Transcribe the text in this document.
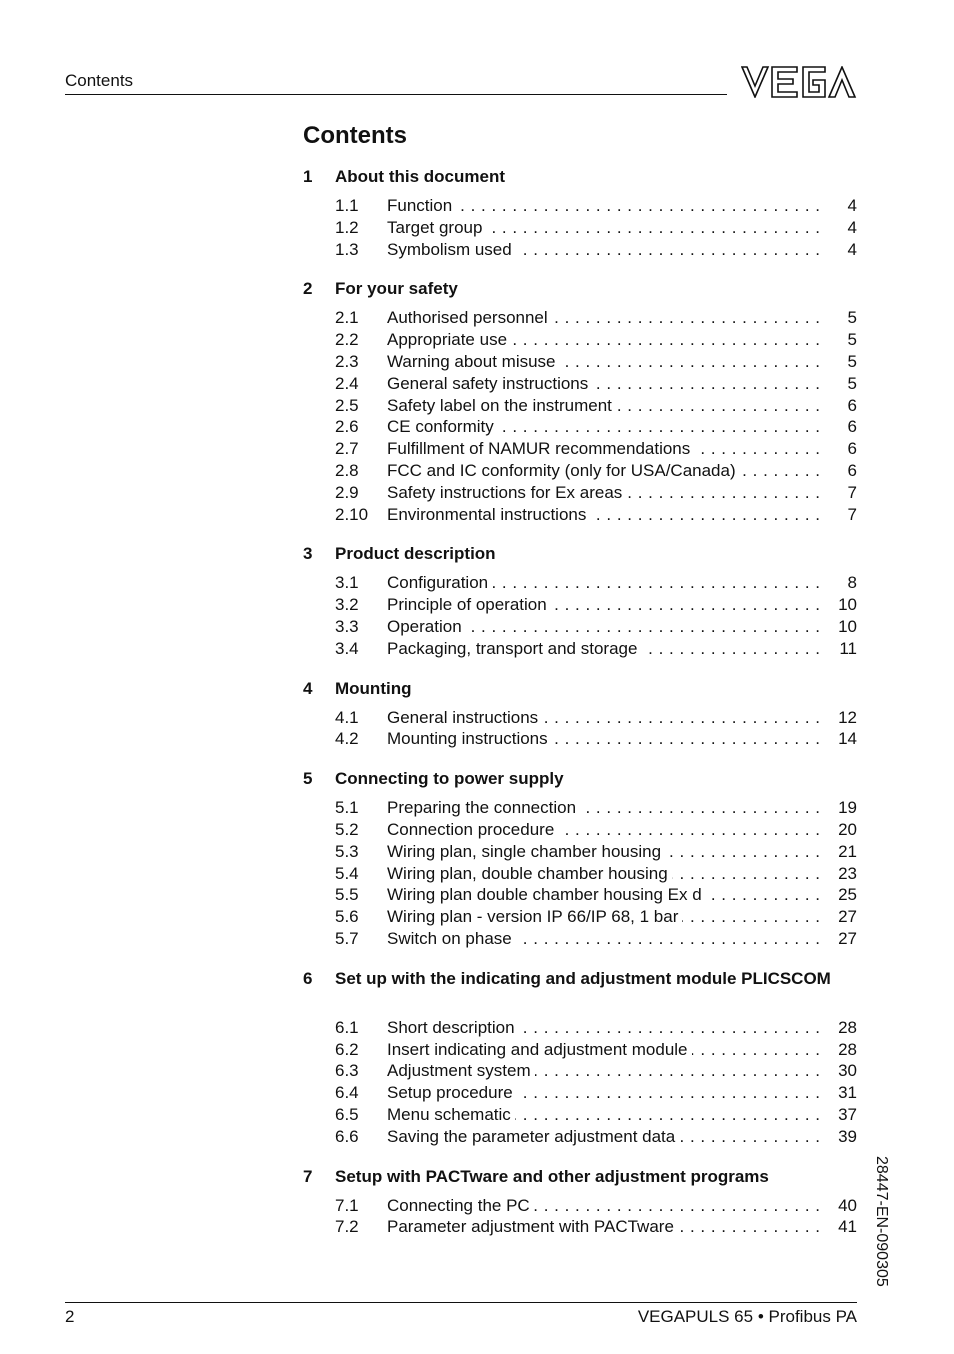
Contents
Contents
1	About this document
1.1	Function . . .	4
1.2	Target group . . .	4
1.3	Symbolism used . . .	4
2	For your safety
2.1	Authorised personnel . . .	5
2.2	Appropriate use . . .	5
2.3	Warning about misuse . . .	5
2.4	General safety instructions . . .	5
2.5	Safety label on the instrument . . .	6
2.6	CE conformity . . .	6
2.7	Fulfillment of NAMUR recommendations . . .	6
2.8	FCC and IC conformity (only for USA/Canada) . . .	6
2.9	Safety instructions for Ex areas . . .	7
2.10	Environmental instructions . . .	7
3	Product description
3.1	Configuration . . .	8
3.2	Principle of operation . . .	10
3.3	Operation . . .	10
3.4	Packaging, transport and storage . . .	11
4	Mounting
4.1	General instructions . . .	12
4.2	Mounting instructions . . .	14
5	Connecting to power supply
5.1	Preparing the connection . . .	19
5.2	Connection procedure . . .	20
5.3	Wiring plan, single chamber housing . . .	21
5.4	Wiring plan, double chamber housing . . .	23
5.5	Wiring plan double chamber housing Ex d . . .	25
5.6	Wiring plan - version IP 66/IP 68, 1 bar . . .	27
5.7	Switch on phase . . .	27
6	Set up with the indicating and adjustment module PLICSCOM
6.1	Short description . . .	28
6.2	Insert indicating and adjustment module . . .	28
6.3	Adjustment system . . .	30
6.4	Setup procedure . . .	31
6.5	Menu schematic . . .	37
6.6	Saving the parameter adjustment data . . .	39
7	Setup with PACTware and other adjustment programs
7.1	Connecting the PC . . .	40
7.2	Parameter adjustment with PACTware . . .	41 28447-EN-090305
2	VEGAPULS 65 • Profibus PA
